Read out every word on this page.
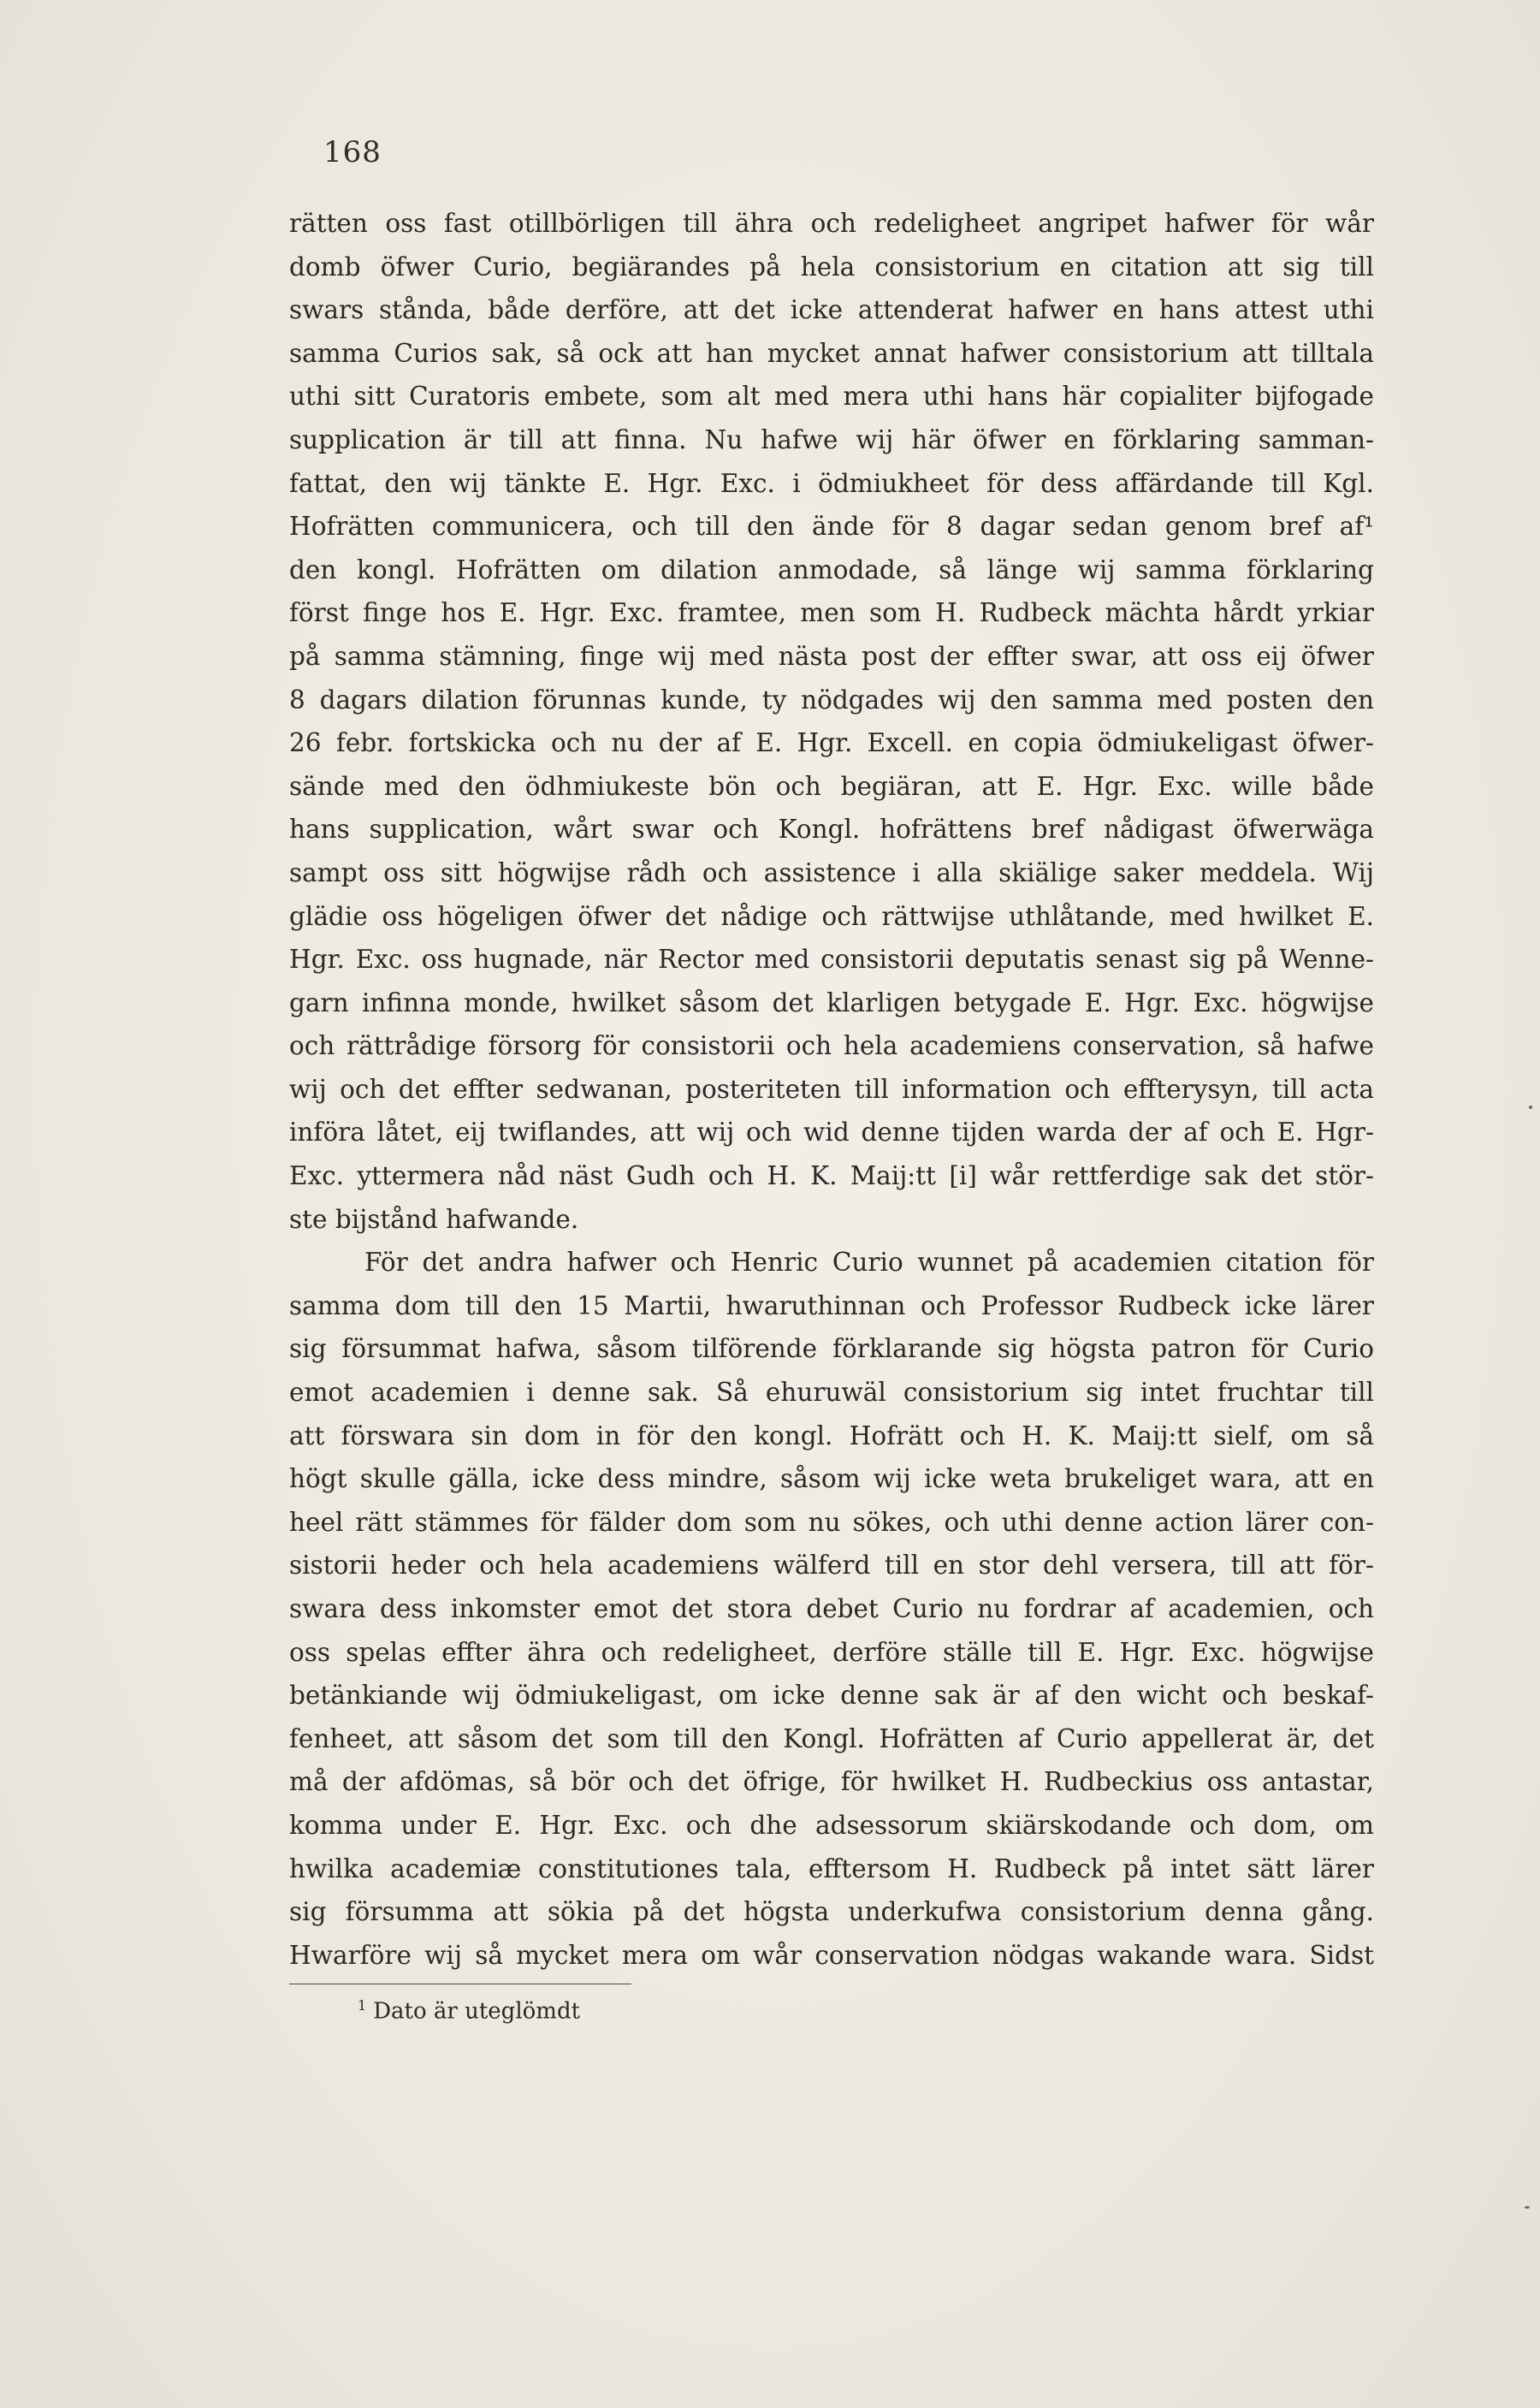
168
rätten oss fast otillbörligen till ähra och redeligheet angripet hafwer för wår
domb öfwer Curio, begiärandes på hela consistorium en citation att sig till
swars stånda, både derföre, att det icke attenderat hafwer en hans attest uthi
samma Curios sak, så ock att han mycket annat hafwer consistorium att tilltala
uthi sitt Curatoris embete, som alt med mera uthi hans här copialiter bijfogade
supplication är till att finna. Nu hafwe wij här öfwer en förklaring samman-
fattat, den wij tänkte E. Hgr. Exc. i ödmiukheet för dess affärdande till Kgl.
Hofrätten communicera, och till den ände för 8 dagar sedan genom bref af¹
den kongl. Hofrätten om dilation anmodade, så länge wij samma förklaring
först finge hos E. Hgr. Exc. framtee, men som H. Rudbeck mächta hårdt yrkiar
på samma stämning, finge wij med nästa post der effter swar, att oss eij öfwer
8 dagars dilation förunnas kunde, ty nödgades wij den samma med posten den
26 febr. fortskicka och nu der af E. Hgr. Excell. en copia ödmiukeligast öfwer-
sände med den ödhmiukeste bön och begiäran, att E. Hgr. Exc. wille både
hans supplication, wårt swar och Kongl. hofrättens bref nådigast öfwerwäga
sampt oss sitt högwijse rådh och assistence i alla skiälige saker meddela. Wij
glädie oss högeligen öfwer det nådige och rättwijse uthlåtande, med hwilket E.
Hgr. Exc. oss hugnade, när Rector med consistorii deputatis senast sig på Wenne-
garn infinna monde, hwilket såsom det klarligen betygade E. Hgr. Exc. högwijse
och rättrådige försorg för consistorii och hela academiens conservation, så hafwe
wij och det effter sedwanan, posteriteten till information och effterysyn, till acta
införa låtet, eij twiflandes, att wij och wid denne tijden warda der af och E. Hgr-
Exc. yttermera nåd näst Gudh och H. K. Maij:tt [i] wår rettferdige sak det stör-
ste bijstånd hafwande.
För det andra hafwer och Henric Curio wunnet på academien citation för
samma dom till den 15 Martii, hwaruthinnan och Professor Rudbeck icke lärer
sig försummat hafwa, såsom tilförende förklarande sig högsta patron för Curio
emot academien i denne sak. Så ehuruwäl consistorium sig intet fruchtar till
att förswara sin dom in för den kongl. Hofrätt och H. K. Maij:tt sielf, om så
högt skulle gälla, icke dess mindre, såsom wij icke weta brukeliget wara, att en
heel rätt stämmes för fälder dom som nu sökes, och uthi denne action lärer con-
sistorii heder och hela academiens wälferd till en stor dehl versera, till att för-
swara dess inkomster emot det stora debet Curio nu fordrar af academien, och
oss spelas effter ähra och redeligheet, derföre ställe till E. Hgr. Exc. högwijse
betänkiande wij ödmiukeligast, om icke denne sak är af den wicht och beskaf-
fenheet, att såsom det som till den Kongl. Hofrätten af Curio appellerat är, det
må der afdömas, så bör och det öfrige, för hwilket H. Rudbeckius oss antastar,
komma under E. Hgr. Exc. och dhe adsessorum skiärskodande och dom, om
hwilka academiæ constitutiones tala, efftersom H. Rudbeck på intet sätt lärer
sig försumma att sökia på det högsta underkufwa consistorium denna gång.
Hwarföre wij så mycket mera om wår conservation nödgas wakande wara. Sidst
$^1$ Dato är uteglömdt
